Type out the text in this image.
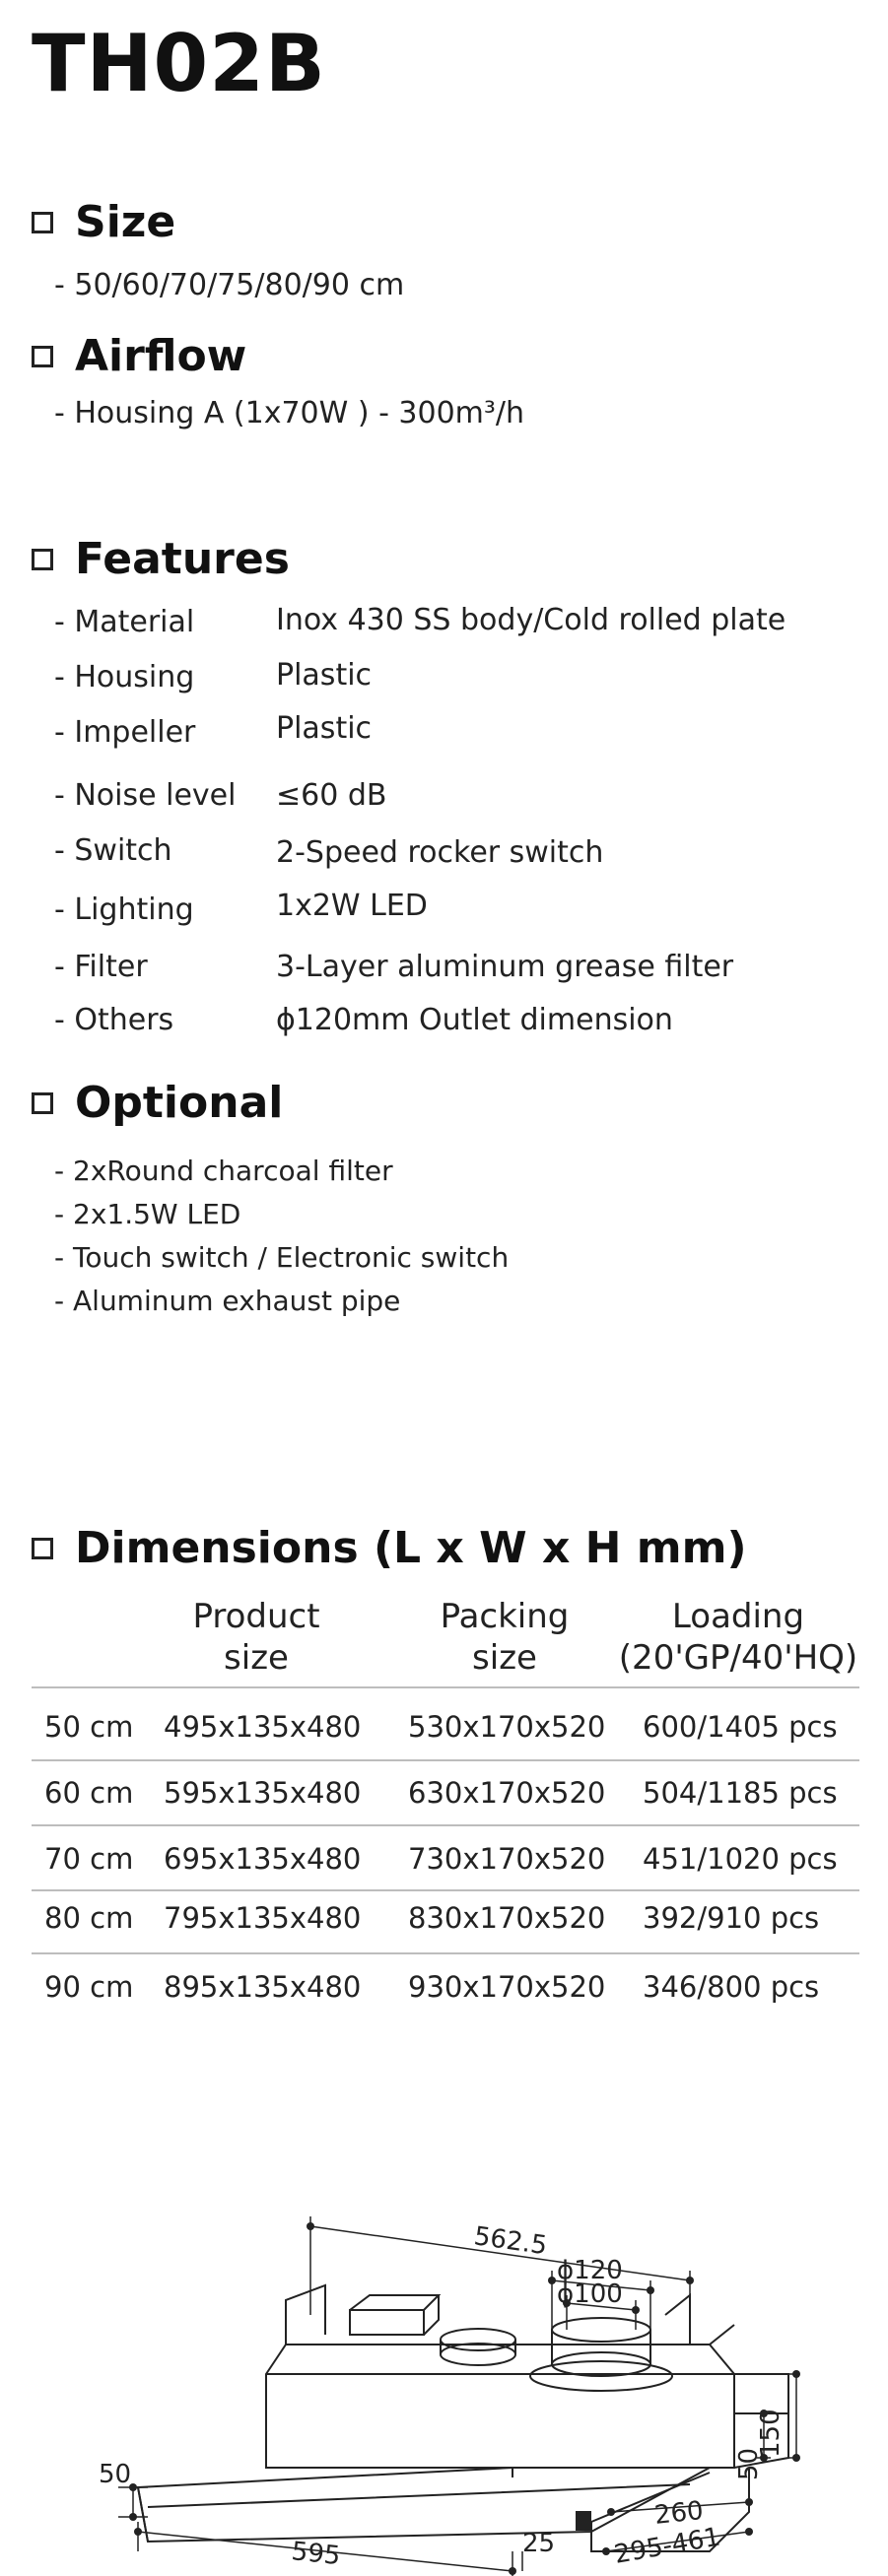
TH02B
Size
- 50/60/70/75/80/90 cm
Airflow
- Housing A (1x70W ) - 300m³/h
Features
- Material	Inox 430 SS body/Cold rolled plate
- Housing	Plastic
- Impeller	Plastic
- Noise level ≤60 dB
- Switch	2-Speed rocker switch
- Lighting	1x2W LED
- Filter	3-Layer aluminum grease filter
- Others	ϕ120mm Outlet dimension
Optional
- 2xRound charcoal filter
- 2x1.5W LED
- Touch switch / Electronic switch
- Aluminum exhaust pipe
Dimensions (L x W x H mm)
Product
size
Packing
size
Loading
(20'GP/40'HQ)
50 cm 495x135x480 530x170x520 600/1405 pcs
60 cm 595x135x480 630x170x520 504/1185 pcs
70 cm 695x135x480 730x170x520 451/1020 pcs
80 cm 795x135x480 830x170x520 392/910 pcs
90 cm 895x135x480 930x170x520 346/800 pcs
562.5
ϕ120
ϕ100
50
150
50
595	25
260
295-461
